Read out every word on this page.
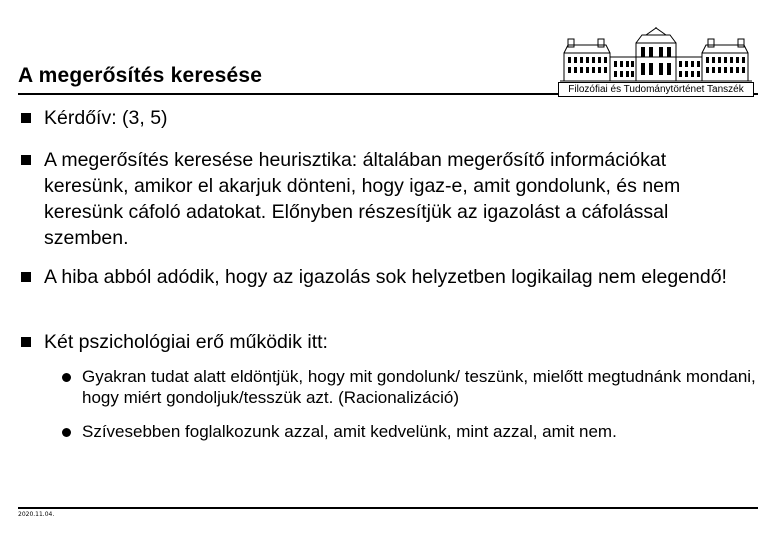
A megerősítés keresése
Filozófiai és Tudománytörténet Tanszék
Kérdőív: (3, 5)
A megerősítés keresése heurisztika: általában megerősítő információkat keresünk, amikor el akarjuk dönteni, hogy igaz-e, amit gondolunk, és nem keresünk cáfoló adatokat. Előnyben részesítjük az igazolást a cáfolással szemben.
A hiba abból adódik, hogy az igazolás sok helyzetben logikailag nem elegendő!
Két pszichológiai erő működik itt:
Gyakran tudat alatt eldöntjük, hogy mit gondolunk/ teszünk, mielőtt megtudnánk mondani, hogy miért gondoljuk/tesszük azt. (Racionalizáció)
Szívesebben foglalkozunk azzal, amit kedvelünk, mint azzal, amit nem.
2020.11.04.
